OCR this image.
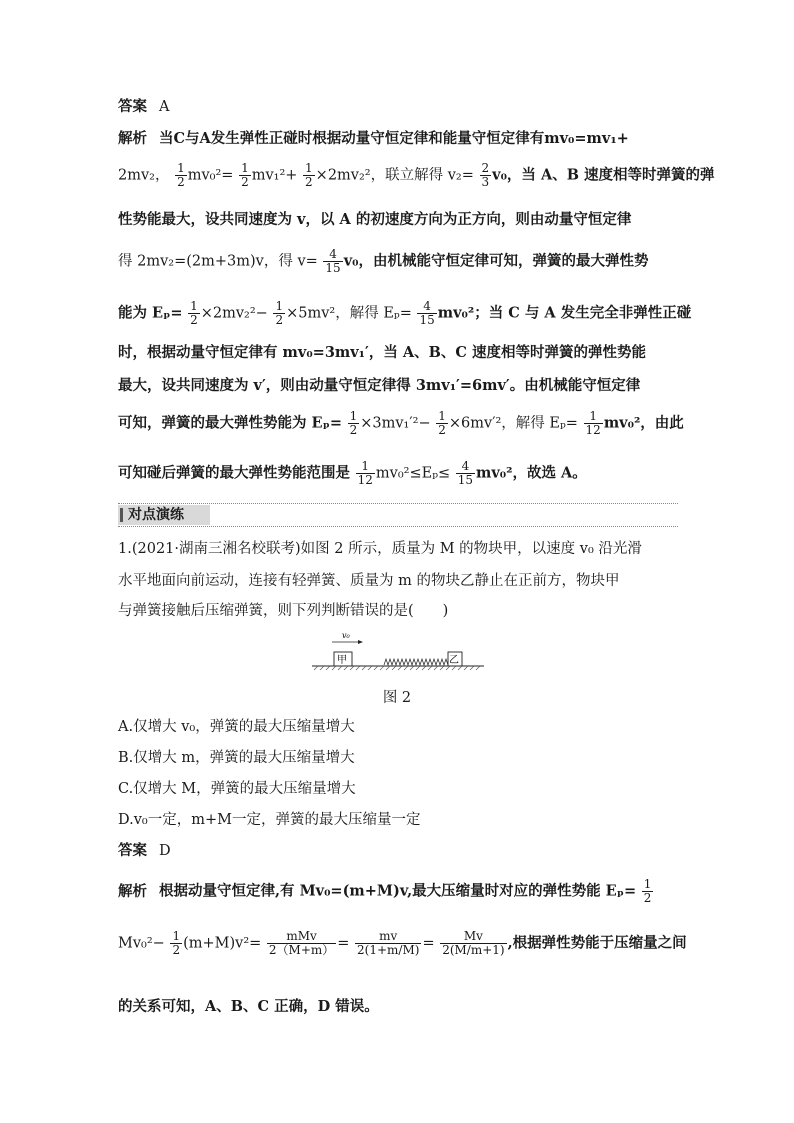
答案 A
解析 当C与A发生弹性正碰时根据动量守恒定律和能量守恒定律有mv₀=mv₁+
2mv₂， $\frac{1}{2} mv_0^2= \frac{1}{2} mv_1^2+ \frac{1}{2} \times 2mv_2^2$，联立解得 $v_2= \frac{2}{3} v_0$，当 A、B 速度相等时弹簧的弹
性势能最大，设共同速度为 v，以 A 的初速度方向为正方向，则由动量守恒定律
得 2mv₂=(2m+3m)v，得 $v= \frac{4}{15} v_0$，由机械能守恒定律可知，弹簧的最大弹性势
能为 $E_p= \frac{1}{2} \times 2mv_2^2- \frac{1}{2} \times 5mv^2$，解得 $E_p= \frac{4}{15} mv_0^2$；当 C 与 A 发生完全非弹性正碰
时，根据动量守恒定律有 mv₀=3mv₁′，当 A、B、C 速度相等时弹簧的弹性势能
最大，设共同速度为 v′，则由动量守恒定律得 3mv₁′=6mv′。由机械能守恒定律
可知，弹簧的最大弹性势能为 $E_p= \frac{1}{2} \times 3mv_1'^2- \frac{1}{2} \times 6mv'^2$，解得 $E_p= \frac{1}{12} mv_0^2$，由此
可知碰后弹簧的最大弹性势能范围是 $\frac{1}{12} mv_0^2\le E_p\le \frac{4}{15} mv_0^2$，故选 A。
对点演练
1.(2021·湖南三湘名校联考)如图 2 所示，质量为 M 的物块甲，以速度 v₀ 沿光滑
水平地面向前运动，连接有轻弹簧、质量为 m 的物块乙静止在正前方，物块甲
与弹簧接触后压缩弹簧，则下列判断错误的是(　　)
v₀
甲	乙
图 2
A.仅增大 v₀，弹簧的最大压缩量增大
B.仅增大 m，弹簧的最大压缩量增大
C.仅增大 M，弹簧的最大压缩量增大
D.v₀一定，m+M一定，弹簧的最大压缩量一定
答案 D
解析 根据动量守恒定律,有 Mv₀=(m+M)v,最大压缩量时对应的弹性势能 $E_p= \frac{1}{2}$
$Mv_0^2- \frac{1}{2} (m+M)v^2= \frac{\text{mMv}}{2(M+m)} = \frac{mv}{2(1+m/M)} = \frac{Mv}{2(M/m+1)}$ ,根据弹性势能于压缩量之间
的关系可知，A、B、C 正确，D 错误。
